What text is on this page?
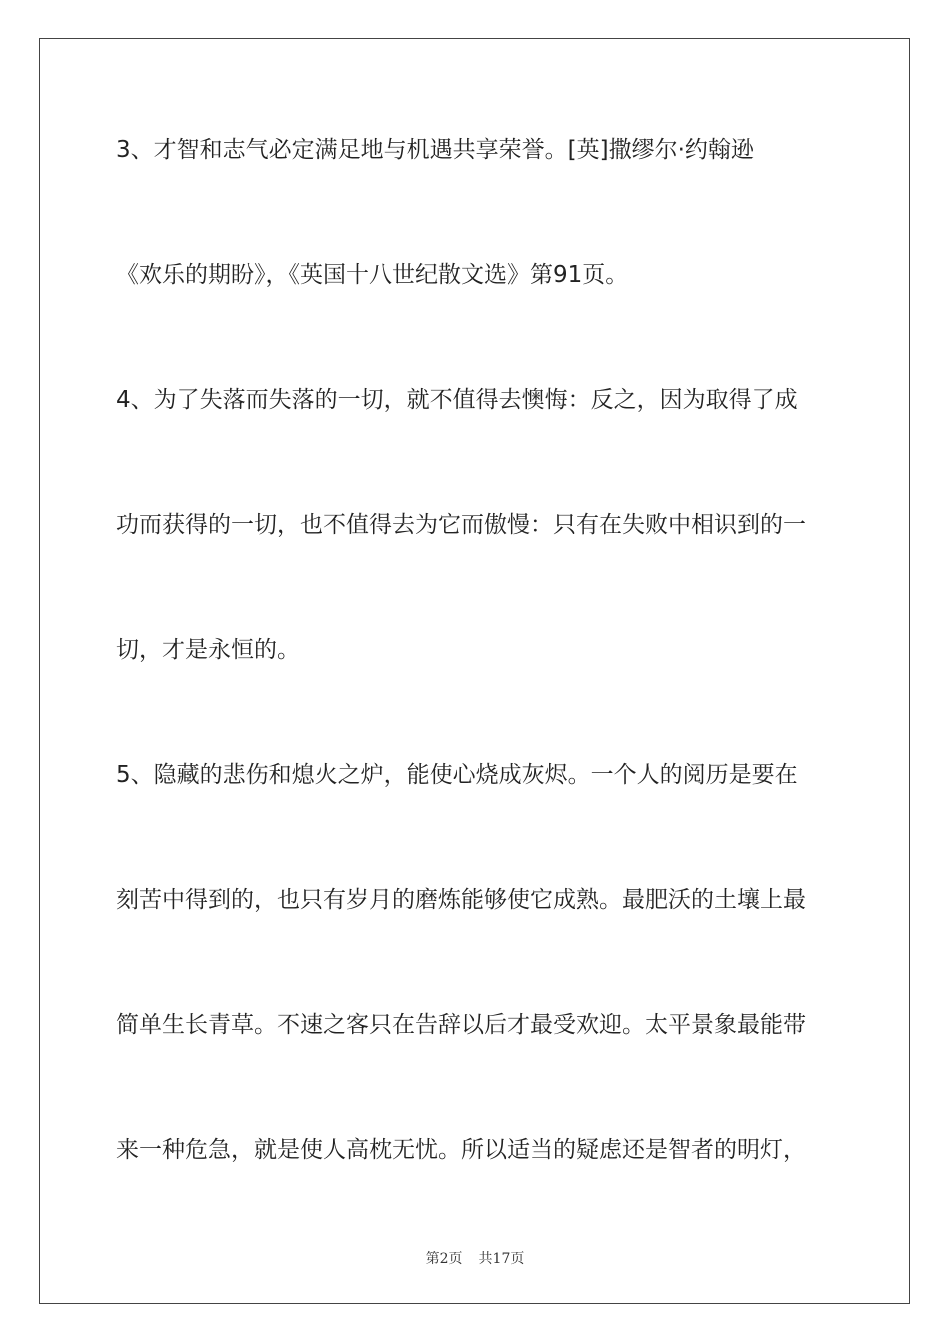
3、才智和志气必定满足地与机遇共享荣誉。[英]撒缪尔·约翰逊
《欢乐的期盼》，《英国十八世纪散文选》第91页。
4、为了失落而失落的一切，就不值得去懊悔：反之，因为取得了成
功而获得的一切，也不值得去为它而傲慢：只有在失败中相识到的一
切，才是永恒的。
5、隐藏的悲伤和熄火之炉，能使心烧成灰烬。一个人的阅历是要在
刻苦中得到的，也只有岁月的磨炼能够使它成熟。最肥沃的土壤上最
简单生长青草。不速之客只在告辞以后才最受欢迎。太平景象最能带
来一种危急，就是使人高枕无忧。所以适当的疑虑还是智者的明灯，
第2页 共17页
